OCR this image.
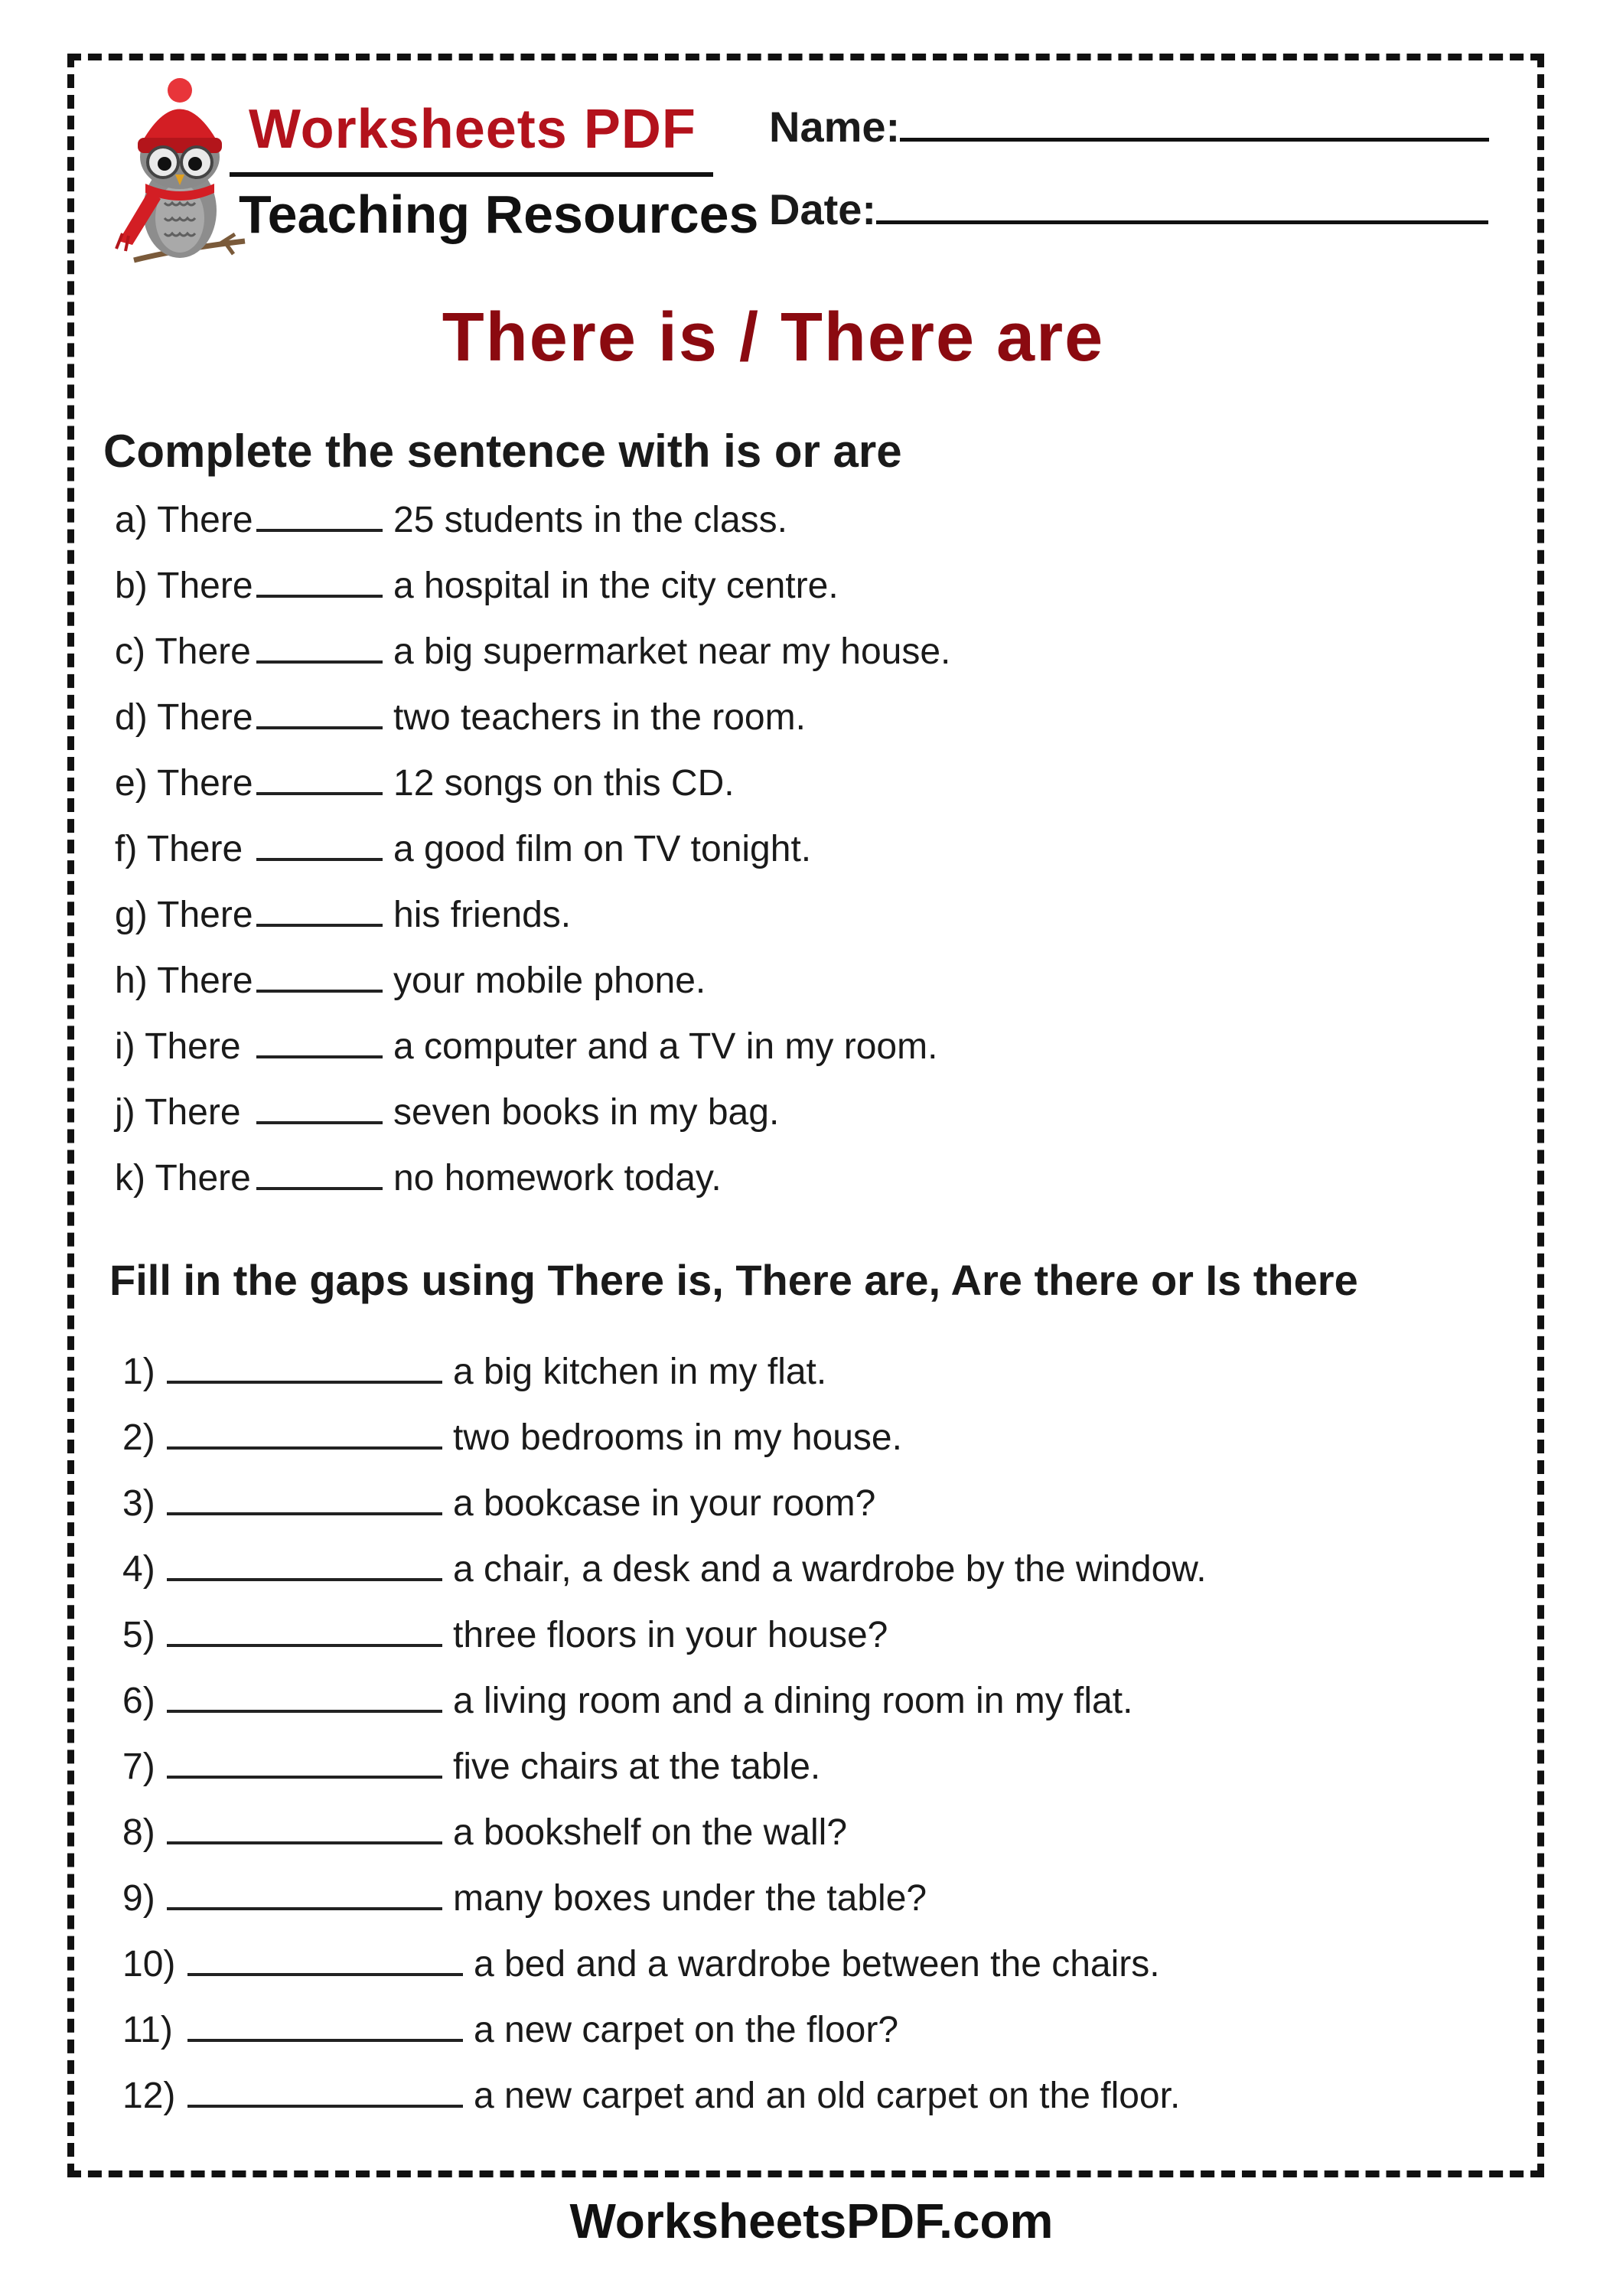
Worksheets PDF
Teaching Resources
Name:
Date:
There is / There are
Complete the sentence with is or are
a) There	25 students in the class.
b) There	a hospital in the city centre.
c) There	a big supermarket near my house.
d) There	two teachers in the room.
e) There	12 songs on this CD.
f) There	a good film on TV tonight.
g) There	his friends.
h) There	your mobile phone.
i) There	a computer and a TV in my room.
j) There	seven books in my bag.
k) There	no homework today.
Fill in the gaps using There is, There are, Are there or Is there
1)	a big kitchen in my flat.
2)	two bedrooms in my house.
3)	a bookcase in your room?
4)	a chair, a desk and a wardrobe by the window.
5)	three floors in your house?
6)	a living room and a dining room in my flat.
7)	five chairs at the table.
8)	a bookshelf on the wall?
9)	many boxes under the table?
10)	a bed and a wardrobe between the chairs.
11)	a new carpet on the floor?
12)	a new carpet and an old carpet on the floor.
WorksheetsPDF.com
